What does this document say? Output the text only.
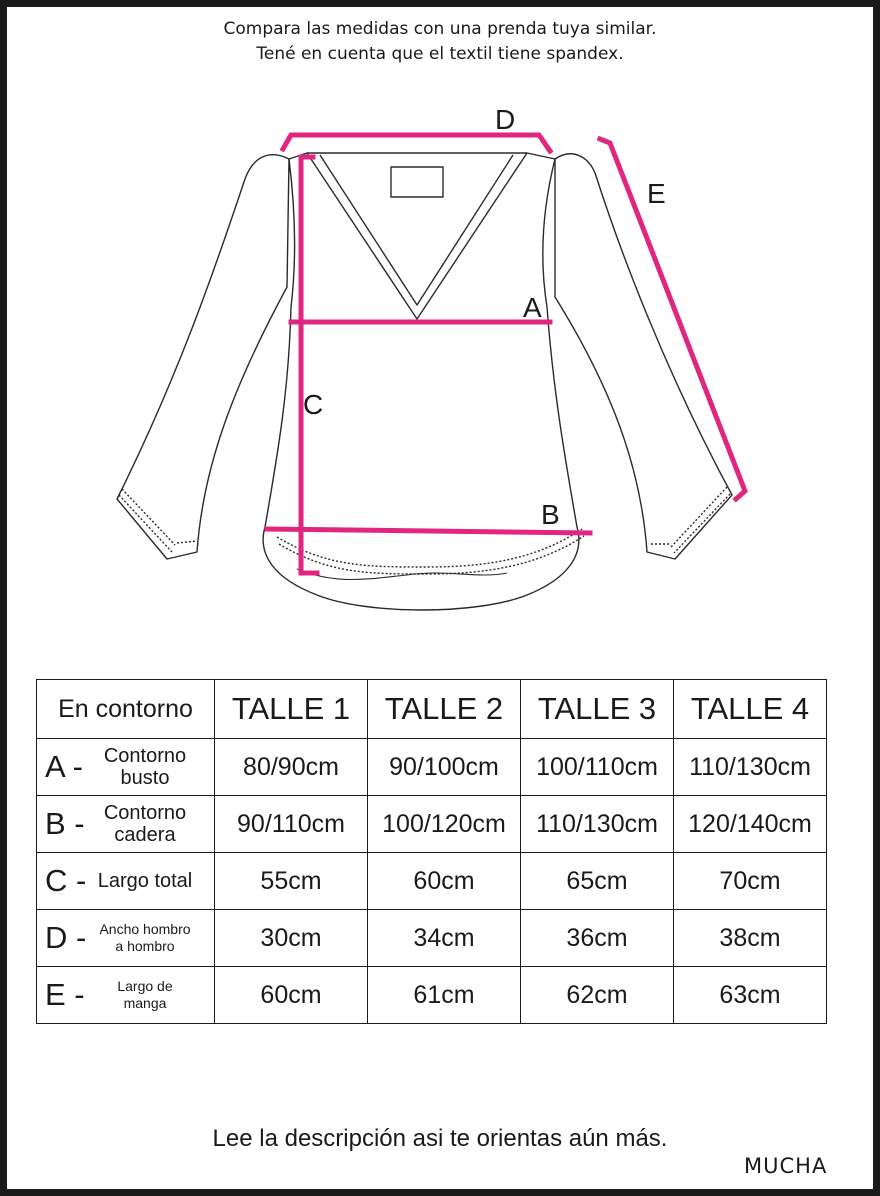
Compara las medidas con una prenda tuya similar.
Tené en cuenta que el textil tiene spandex.
D
E
A
C
B
En contorno	TALLE 1	TALLE 2	TALLE 3	TALLE 4

A - Contorno busto	80/90cm	90/100cm	100/110cm	110/130cm

B - Contorno cadera	90/110cm	100/120cm	110/130cm	120/140cm

C - Largo total	55cm	60cm	65cm	70cm

D - Ancho hombro a hombro	30cm	34cm	36cm	38cm

E - Largo de manga	60cm	61cm	62cm	63cm
Lee la descripción asi te orientas aún más.
MUCHA
